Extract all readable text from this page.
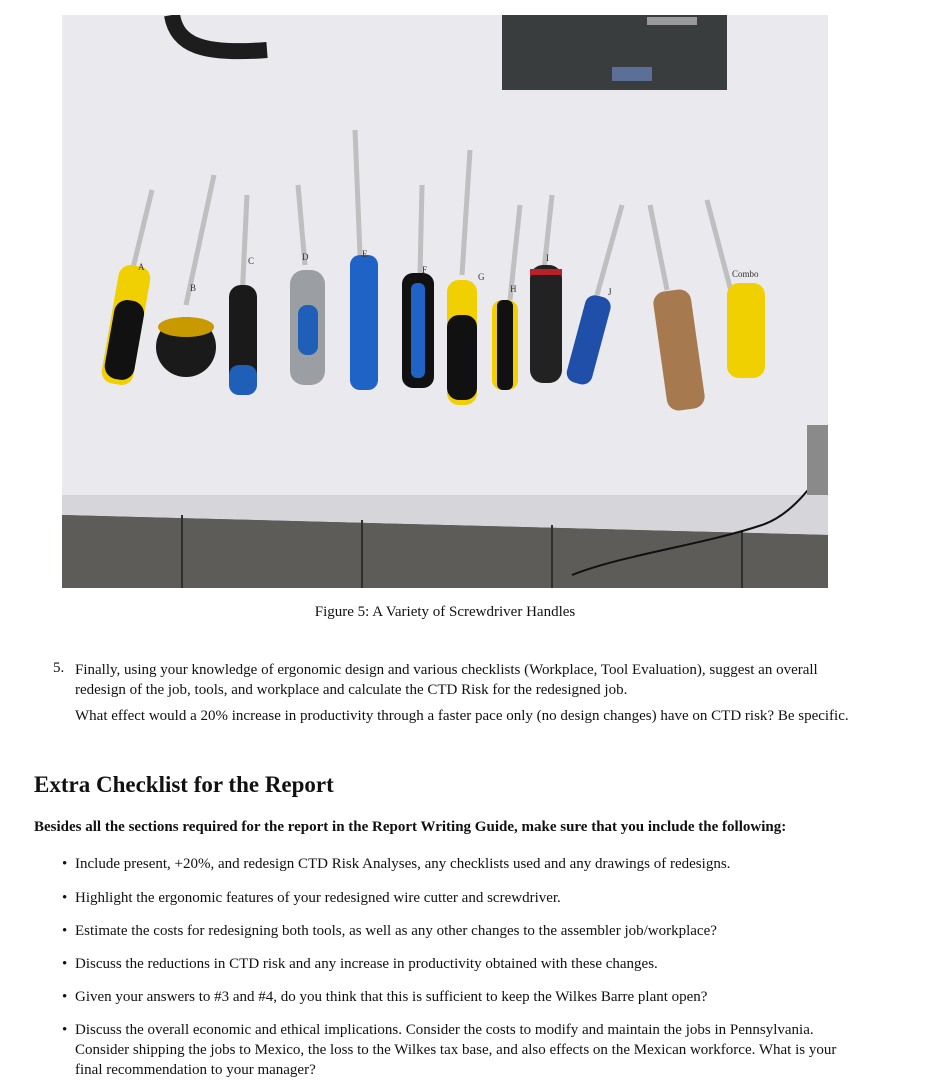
A
B
C	D	E
F
G
H
I
J
Combo
Figure 5: A Variety of Screwdriver Handles
5. Finally, using your knowledge of ergonomic design and various checklists (Workplace, Tool Evaluation), suggest an overall redesign of the job, tools, and workplace and calculate the CTD Risk for the redesigned job.
What effect would a 20% increase in productivity through a faster pace only (no design changes) have on CTD risk? Be specific.
Extra Checklist for the Report
Besides all the sections required for the report in the Report Writing Guide, make sure that you include the following:
• Include present, +20%, and redesign CTD Risk Analyses, any checklists used and any drawings of redesigns.
• Highlight the ergonomic features of your redesigned wire cutter and screwdriver.
• Estimate the costs for redesigning both tools, as well as any other changes to the assembler job/workplace?
• Discuss the reductions in CTD risk and any increase in productivity obtained with these changes.
• Given your answers to #3 and #4, do you think that this is sufficient to keep the Wilkes Barre plant open?
• Discuss the overall economic and ethical implications. Consider the costs to modify and maintain the jobs in Pennsylvania. Consider shipping the jobs to Mexico, the loss to the Wilkes tax base, and also effects on the Mexican workforce. What is your final recommendation to your manager?
